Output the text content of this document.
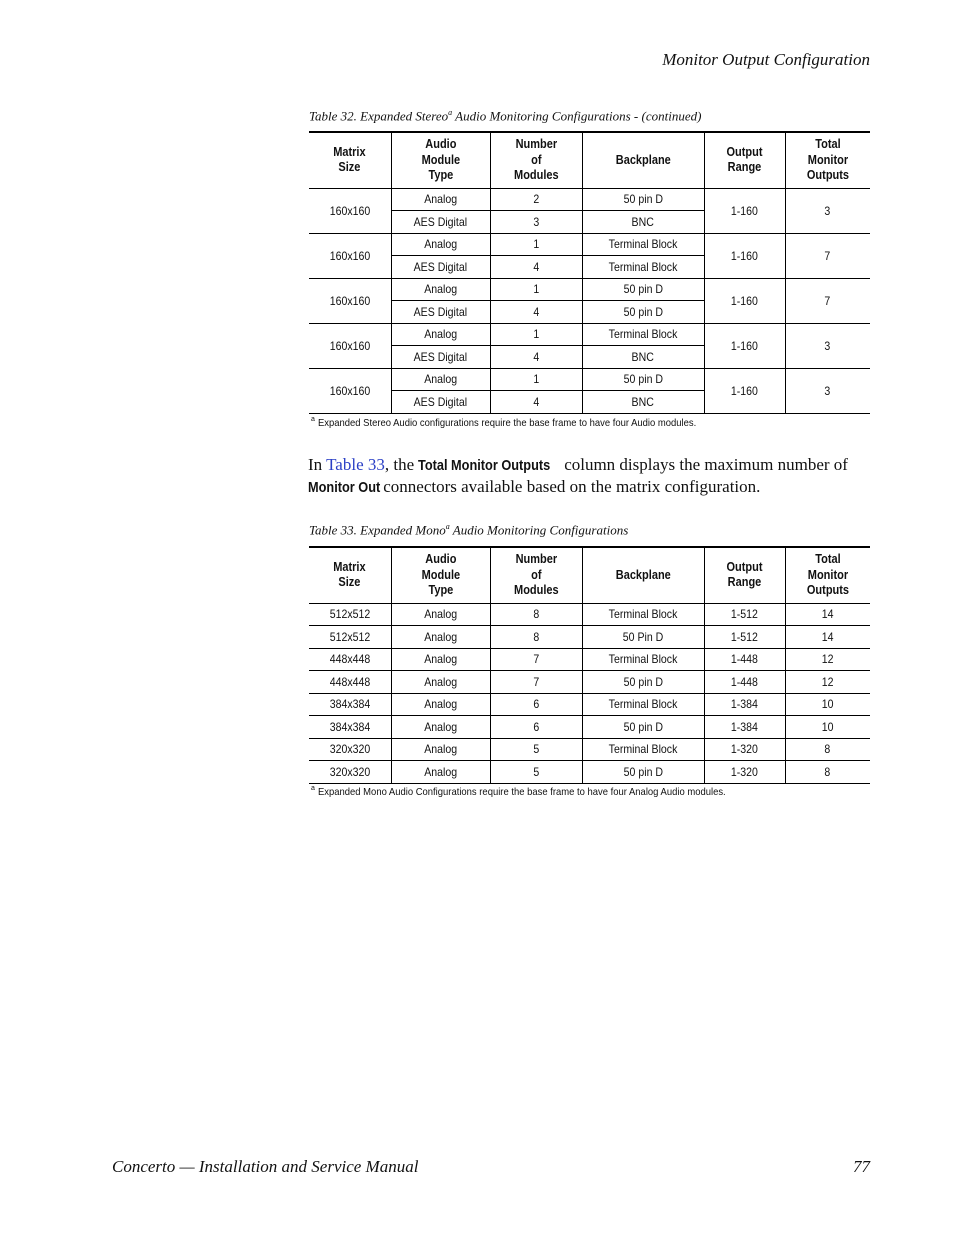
Monitor Output Configuration
Table 32. Expanded Stereo$^a$ Audio Monitoring Configurations - (continued)
Matrix
Size	Audio
Module
Type	Number
of
Modules	Backplane	Output
Range	Total
Monitor
Outputs
160x160	Analog	2	50 pin D	1-160	3
	AES Digital	3	BNC		
160x160	Analog	1	Terminal Block	1-160	7
	AES Digital	4	Terminal Block		
160x160	Analog	1	50 pin D	1-160	7
	AES Digital	4	50 pin D		
160x160	Analog	1	Terminal Block	1-160	3
	AES Digital	4	BNC		
160x160	Analog	1	50 pin D	1-160	3
	AES Digital	4	BNC		
$^a$ Expanded Stereo Audio configurations require the base frame to have four Audio modules.
In Table 33, the Total Monitor Outputs column displays the maximum number of Monitor Out connectors available based on the matrix configuration.
Table 33. Expanded Mono$^a$ Audio Monitoring Configurations
Matrix
Size	Audio
Module
Type	Number
of
Modules	Backplane	Output
Range	Total
Monitor
Outputs
512x512	Analog	8	Terminal Block	1-512	14
512x512	Analog	8	50 Pin D	1-512	14
448x448	Analog	7	Terminal Block	1-448	12
448x448	Analog	7	50 pin D	1-448	12
384x384	Analog	6	Terminal Block	1-384	10
384x384	Analog	6	50 pin D	1-384	10
320x320	Analog	5	Terminal Block	1-320	8
320x320	Analog	5	50 pin D	1-320	8
$^a$ Expanded Mono Audio Configurations require the base frame to have four Analog Audio modules.
Concerto — Installation and Service Manual	77
